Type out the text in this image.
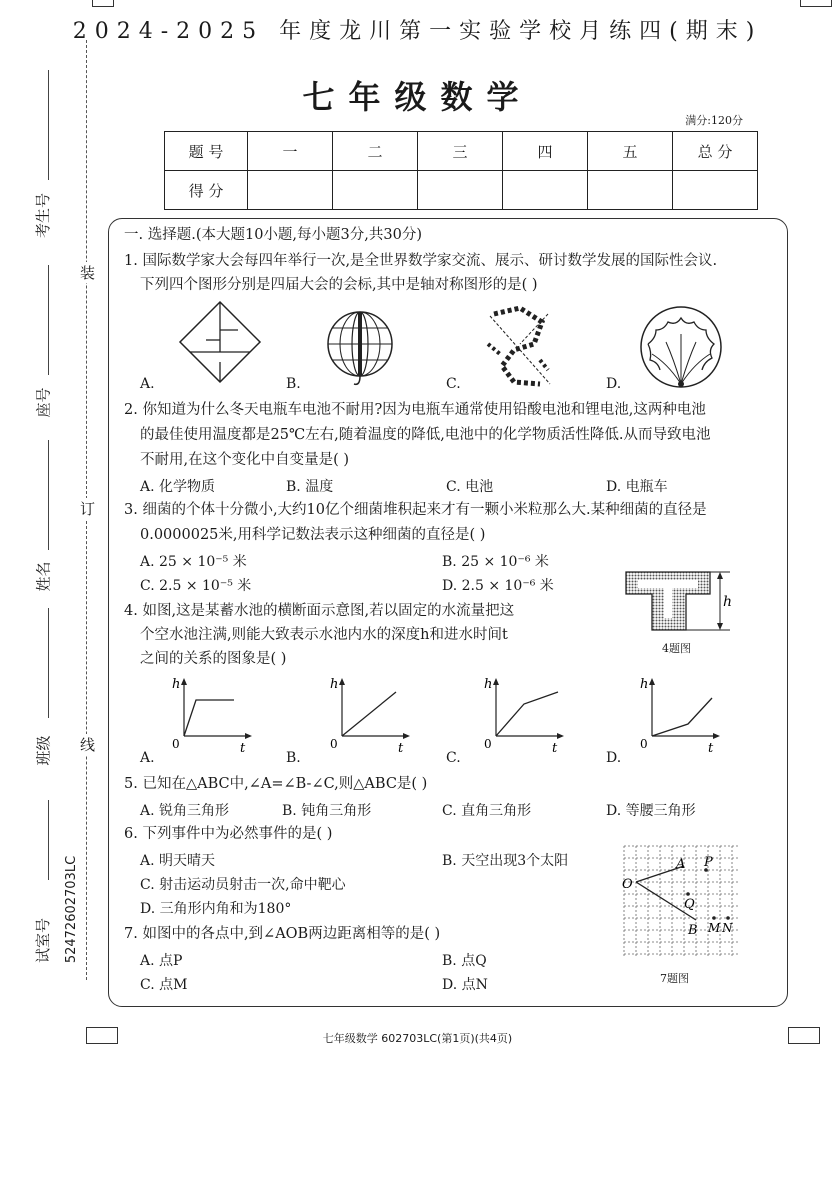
2024-2025 年度龙川第一实验学校月练四(期末)
七年级数学
满分:120分
题 号	一	二	三	四	五	总 分
得 分						
装
订
线
考生号
座号
姓名
班级
试室号 52472602703LC
一. 选择题.(本大题10小题,每小题3分,共30分)
1. 国际数学家大会每四年举行一次,是全世界数学家交流、展示、研讨数学发展的国际性会议.
下列四个图形分别是四届大会的会标,其中是轴对称图形的是( )
A.	B.	C.	D.
2. 你知道为什么冬天电瓶车电池不耐用?因为电瓶车通常使用铅酸电池和锂电池,这两种电池
的最佳使用温度都是25℃左右,随着温度的降低,电池中的化学物质活性降低.从而导致电池
不耐用,在这个变化中自变量是( )
A. 化学物质	B. 温度	C. 电池	D. 电瓶车
3. 细菌的个体十分微小,大约10亿个细菌堆积起来才有一颗小米粒那么大.某种细菌的直径是
0.0000025米,用科学记数法表示这种细菌的直径是( )
A. 25 × 10⁻⁵ 米	B. 25 × 10⁻⁶ 米
C. 2.5 × 10⁻⁵ 米	D. 2.5 × 10⁻⁶ 米
4. 如图,这是某蓄水池的横断面示意图,若以固定的水流量把这
个空水池注满,则能大致表示水池内水的深度h和进水时间t
之间的关系的图象是( )
h
4题图
h
t
0
h
t
0
h
t
0
h
t
0
A.	B.	C.	D.
5. 已知在△ABC中,∠A=∠B-∠C,则△ABC是( )
A. 锐角三角形	B. 钝角三角形	C. 直角三角形	D. 等腰三角形
6. 下列事件中为必然事件的是( )
A. 明天晴天	B. 天空出现3个太阳
C. 射击运动员射击一次,命中靶心
D. 三角形内角和为180°
7. 如图中的各点中,到∠AOB两边距离相等的是( )
A. 点P	B. 点Q
C. 点M	D. 点N
O
A P
Q
B M N
7题图
七年级数学 602703LC(第1页)(共4页)
